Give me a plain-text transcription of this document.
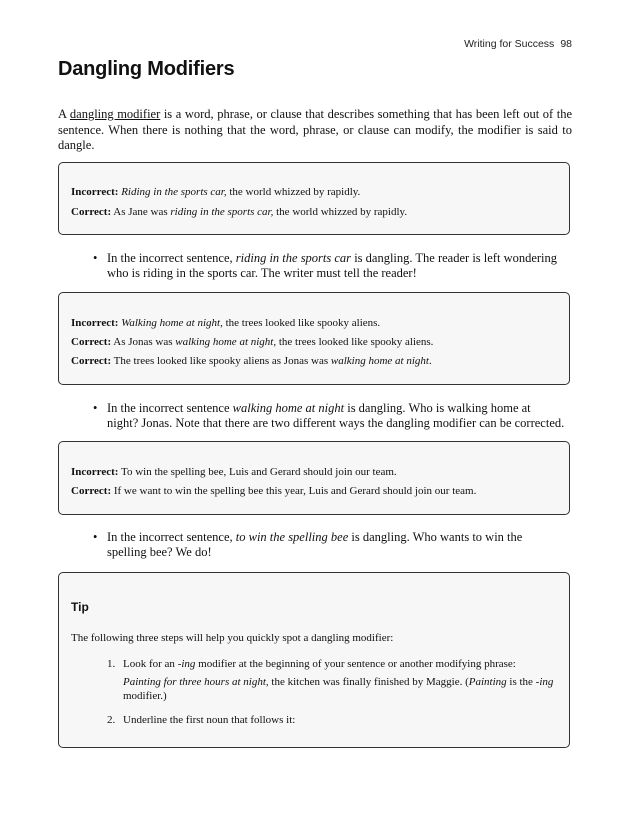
Writing for Success 98
Dangling Modifiers

A dangling modifier is a word, phrase, or clause that describes something that has been left out of the sentence. When there is nothing that the word, phrase, or clause can modify, the modifier is said to dangle.

Incorrect: Riding in the sports car, the world whizzed by rapidly.
Correct: As Jane was riding in the sports car, the world whizzed by rapidly.

• In the incorrect sentence, riding in the sports car is dangling. The reader is left wondering who is riding in the sports car. The writer must tell the reader!

Incorrect: Walking home at night, the trees looked like spooky aliens.
Correct: As Jonas was walking home at night, the trees looked like spooky aliens.
Correct: The trees looked like spooky aliens as Jonas was walking home at night.

• In the incorrect sentence walking home at night is dangling. Who is walking home at night? Jonas. Note that there are two different ways the dangling modifier can be corrected.

Incorrect: To win the spelling bee, Luis and Gerard should join our team.
Correct: If we want to win the spelling bee this year, Luis and Gerard should join our team.

• In the incorrect sentence, to win the spelling bee is dangling. Who wants to win the spelling bee? We do!

Tip
The following three steps will help you quickly spot a dangling modifier:
1. Look for an -ing modifier at the beginning of your sentence or another modifying phrase:
Painting for three hours at night, the kitchen was finally finished by Maggie. (Painting is the -ing modifier.)
2. Underline the first noun that follows it:
